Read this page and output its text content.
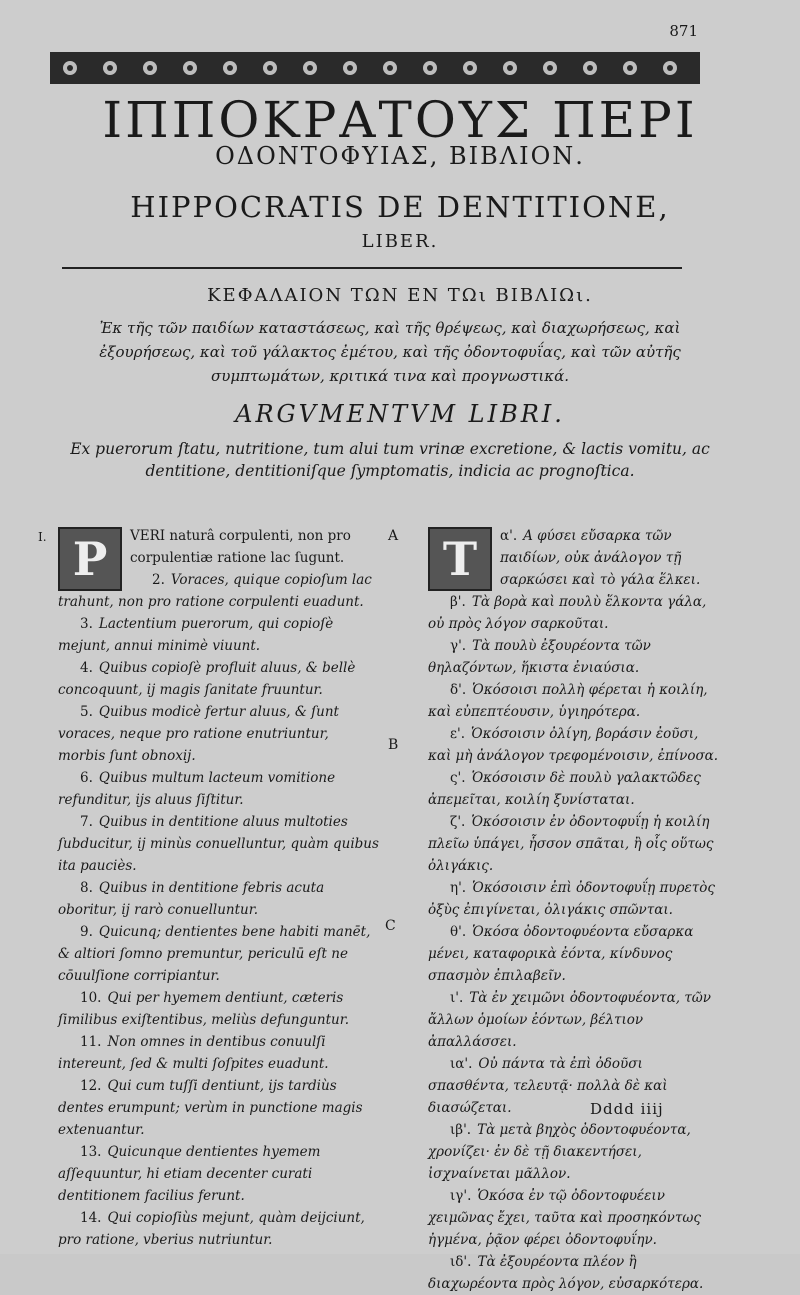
871
ΙΠΠΟΚΡΑΤΟΥΣ ΠΕΡΙ
ΟΔΟΝΤΟΦΥΙΑΣ, ΒΙΒΛΙΟΝ.
HIPPOCRATIS DE DENTITIONE,
LIBER.
ΚΕΦΑΛΑΙΟΝ ΤΩΝ ΕΝ ΤΩι ΒΙΒΛΙΩι.
Ἐκ τῆς τῶν παιδίων καταστάσεως, καὶ τῆς θρέψεως, καὶ διαχωρήσεως, καὶ ἐξουρήσεως, καὶ τοῦ γάλακτος ἐμέτου, καὶ τῆς ὀδοντοφυΐας, καὶ τῶν αὐτῆς συμπτωμάτων, κριτικά τινα καὶ προγνωστικά.
ARGVMENTVM LIBRI.
Ex puerorum ſtatu, nutritione, tum alui tum vrinæ excretione, & lactis vomitu, ac dentitione, dentitioniſque ſymptomatis, indicia ac prognoſtica.
I.	A
B
C

P	VERI naturâ corpulenti, non pro corpulentiæ ratione lac ſugunt.

2. Voraces, quique copioſum lac trahunt, non pro ratione corpulenti euadunt.

3. Lactentium puerorum, qui copioſè mejunt, annui minimè viuunt.

4. Quibus copioſè profluit aluus, & bellè concoquunt, ij magis ſanitate fruuntur.

5. Quibus modicè fertur aluus, & ſunt voraces, neque pro ratione enutriuntur, morbis ſunt obnoxij.

6. Quibus multum lacteum vomitione refunditur, ijs aluus ſiſtitur.

7. Quibus in dentitione aluus multoties ſubducitur, ij minùs conuelluntur, quàm quibus ita pauciès.

8. Quibus in dentitione febris acuta oboritur, ij rarò conuelluntur.

9. Quicunq; dentientes bene habiti manēt, & altiori ſomno premuntur, periculū eſt ne cōuulſione corripiantur.

10. Qui per hyemem dentiunt, cæteris ſimilibus exiſtentibus, meliùs defunguntur.

11. Non omnes in dentibus conuulſi intereunt, ſed & multi ſoſpites euadunt.

12. Qui cum tuſſi dentiunt, ijs tardiùs dentes erumpunt; verùm in punctione magis extenuantur.

13. Quicunque dentientes hyemem aſſequuntur, hi etiam decenter curati dentitionem facilius ferunt.

14. Qui copioſiùs mejunt, quàm deijciunt, pro ratione, vberius nutriuntur.

Τ	α'. Α φύσει εὔσαρκα τῶν παιδίων, οὐκ ἀνάλογον τῇ σαρκώσει καὶ τὸ γάλα ἕλκει.

β'. Τὰ βορὰ καὶ πουλὺ ἕλκοντα γάλα, οὐ πρὸς λόγον σαρκοῦται.

γ'. Τὰ πουλὺ ἐξουρέοντα τῶν θηλαζόντων, ἥκιστα ἐνιαύσια.

δ'. Ὁκόσοισι πολλὴ φέρεται ἡ κοιλίη, καὶ εὐπεπτέουσιν, ὑγιηρότερα.

ε'. Ὁκόσοισιν ὀλίγη, βοράσιν ἐοῦσι, καὶ μὴ ἀνάλογον τρεφομένοισιν, ἐπίνοσα.

ς'. Ὁκόσοισιν δὲ πουλὺ γαλακτῶδες ἀπεμεῖται, κοιλίη ξυνίσταται.

ζ'. Ὁκόσοισιν ἐν ὀδοντοφυΐῃ ἡ κοιλίη πλεῖω ὑπάγει, ἧσσον σπᾶται, ἢ οἷς οὕτως ὀλιγάκις.

η'. Ὁκόσοισιν ἐπὶ ὀδοντοφυΐῃ πυρετὸς ὀξὺς ἐπιγίνεται, ὀλιγάκις σπῶνται.

θ'. Ὁκόσα ὀδοντοφυέοντα εὔσαρκα μένει, καταφορικὰ ἐόντα, κίνδυνος σπασμὸν ἐπιλαβεῖν.

ι'. Τὰ ἐν χειμῶνι ὀδοντοφυέοντα, τῶν ἄλλων ὁμοίων ἐόντων, βέλτιον ἀπαλλάσσει.

ια'. Οὐ πάντα τὰ ἐπὶ ὀδοῦσι σπασθέντα, τελευτᾷ· πολλὰ δὲ καὶ διασώζεται.

ιβ'. Τὰ μετὰ βηχὸς ὀδοντοφυέοντα, χρονίζει· ἐν δὲ τῇ διακεντήσει, ἰσχναίνεται μᾶλλον.

ιγ'. Ὁκόσα ἐν τῷ ὀδοντοφυέειν χειμῶνας ἔχει, ταῦτα καὶ προσηκόντως ἠγμένα, ῥᾷον φέρει ὀδοντοφυΐην.

ιδ'. Τὰ ἐξουρέοντα πλέον ἢ διαχωρέοντα πρὸς λόγον, εὐσαρκότερα.

Dddd iiij
